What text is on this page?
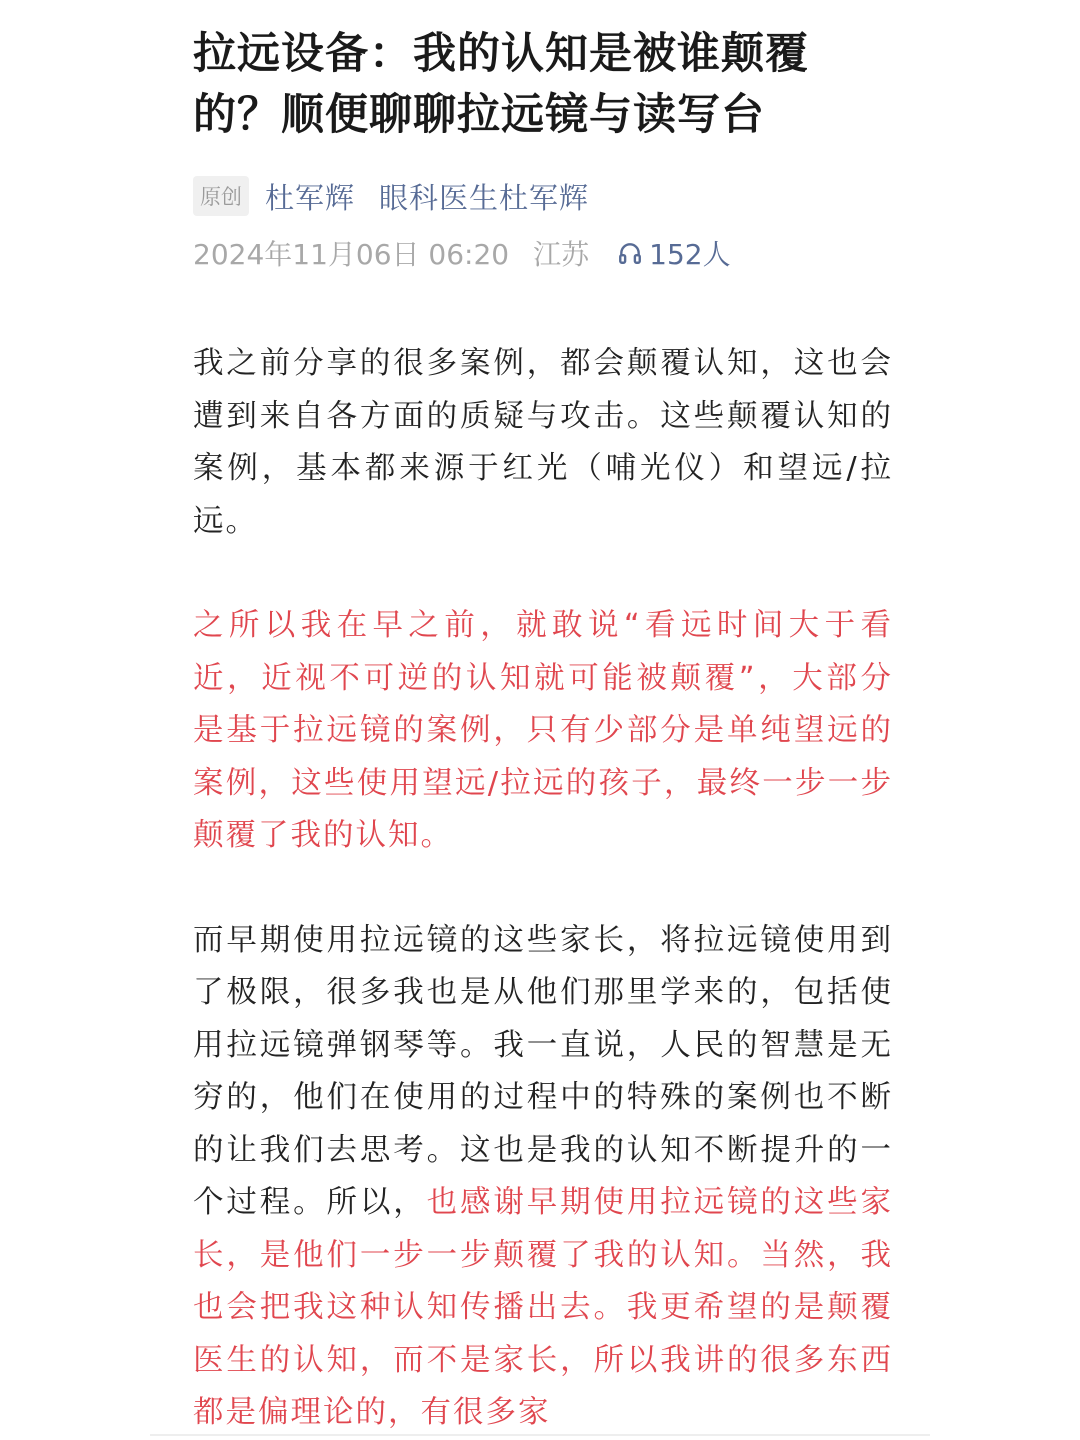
拉远设备：我的认知是被谁颠覆的？顺便聊聊拉远镜与读写台
原创 杜军辉 眼科医生杜军辉
2024年11月06日 06:20 江苏 152人

我之前分享的很多案例，都会颠覆认知，这也会遭到来自各方面的质疑与攻击。这些颠覆认知的案例，基本都来源于红光（哺光仪）和望远/拉远。

之所以我在早之前，就敢说“看远时间大于看近，近视不可逆的认知就可能被颠覆”，大部分是基于拉远镜的案例，只有少部分是单纯望远的案例，这些使用望远/拉远的孩子，最终一步一步颠覆了我的认知。

而早期使用拉远镜的这些家长，将拉远镜使用到了极限，很多我也是从他们那里学来的，包括使用拉远镜弹钢琴等。我一直说，人民的智慧是无穷的，他们在使用的过程中的特殊的案例也不断的让我们去思考。这也是我的认知不断提升的一个过程。所以，也感谢早期使用拉远镜的这些家长，是他们一步一步颠覆了我的认知。当然，我也会把我这种认知传播出去。我更希望的是颠覆医生的认知，而不是家长，所以我讲的很多东西都是偏理论的，有很多家
